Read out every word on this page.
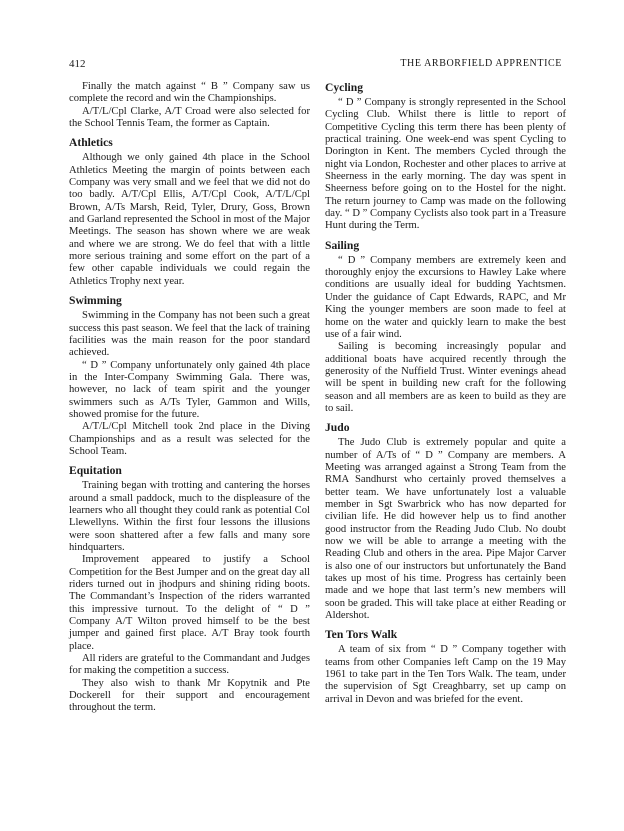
412	THE ARBORFIELD APPRENTICE

Finally the match against “ B ” Company saw us complete the record and win the Championships.

A/T/L/Cpl Clarke, A/T Croad were also selected for the School Tennis Team, the former as Captain.

Athletics

Although we only gained 4th place in the School Athletics Meeting the margin of points between each Company was very small and we feel that we did not do too badly. A/T/Cpl Ellis, A/T/Cpl Cook, A/T/L/Cpl Brown, A/Ts Marsh, Reid, Tyler, Drury, Goss, Brown and Garland represented the School in most of the Major Meetings. The season has shown where we are weak and where we are strong. We do feel that with a little more serious training and some effort on the part of a few other capable individuals we could regain the Athletics Trophy next year.

Swimming

Swimming in the Company has not been such a great success this past season. We feel that the lack of training facilities was the main reason for the poor standard achieved.

“ D ” Company unfortunately only gained 4th place in the Inter-Company Swimming Gala. There was, however, no lack of team spirit and the younger swimmers such as A/Ts Tyler, Gammon and Wills, showed promise for the future.

A/T/L/Cpl Mitchell took 2nd place in the Diving Championships and as a result was selected for the School Team.

Equitation

Training began with trotting and cantering the horses around a small paddock, much to the displeasure of the learners who all thought they could rank as potential Col Llewellyns. Within the first four lessons the illusions were soon shattered after a few falls and many sore hindquarters.

Improvement appeared to justify a School Competition for the Best Jumper and on the great day all riders turned out in jhodpurs and shining riding boots. The Commandant’s Inspection of the riders warranted this impressive turnout. To the delight of “ D ” Company A/T Wilton proved himself to be the best jumper and gained first place. A/T Bray took fourth place.

All riders are grateful to the Commandant and Judges for making the competition a success.

They also wish to thank Mr Kopytnik and Pte Dockerell for their support and encouragement throughout the term.

Cycling

“ D ” Company is strongly represented in the School Cycling Club. Whilst there is little to report of Competitive Cycling this term there has been plenty of practical training. One week-end was spent Cycling to Dorington in Kent. The members Cycled through the night via London, Rochester and other places to arrive at Sheerness in the early morning. The day was spent in Sheerness before going on to the Hostel for the night. The return journey to Camp was made on the following day. “ D ” Company Cyclists also took part in a Treasure Hunt during the Term.

Sailing

“ D ” Company members are extremely keen and thoroughly enjoy the excursions to Hawley Lake where conditions are usually ideal for budding Yachtsmen. Under the guidance of Capt Edwards, RAPC, and Mr King the younger members are soon made to feel at home on the water and quickly learn to make the best use of a fair wind.

Sailing is becoming increasingly popular and additional boats have acquired recently through the generosity of the Nuffield Trust. Winter evenings ahead will be spent in building new craft for the following season and all members are as keen to build as they are to sail.

Judo

The Judo Club is extremely popular and quite a number of A/Ts of “ D ” Company are members. A Meeting was arranged against a Strong Team from the RMA Sandhurst who certainly proved themselves a better team. We have unfortunately lost a valuable member in Sgt Swarbrick who has now departed for civilian life. He did however help us to find another good instructor from the Reading Judo Club. No doubt now we will be able to arrange a meeting with the Reading Club and others in the area. Pipe Major Carver is also one of our instructors but unfortunately the Band takes up most of his time. Progress has certainly been made and we hope that last term’s new members will soon be graded. This will take place at either Reading or Aldershot.

Ten Tors Walk

A team of six from “ D ” Company together with teams from other Companies left Camp on the 19 May 1961 to take part in the Ten Tors Walk. The team, under the supervision of Sgt Creaghbarry, set up camp on arrival in Devon and was briefed for the event.
